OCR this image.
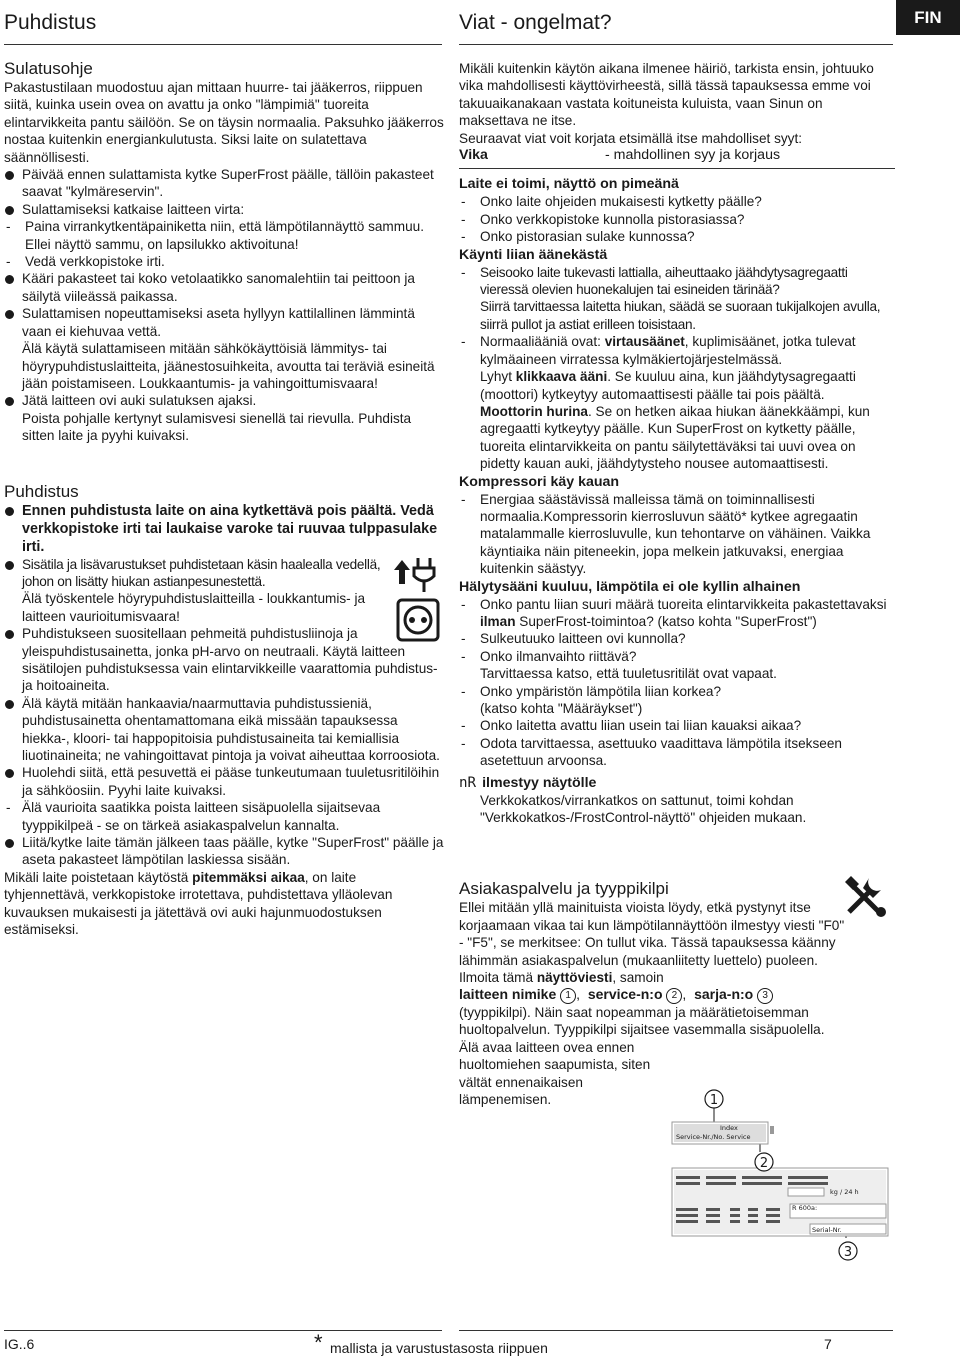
Puhdistus	Viat - ongelmat?	FIN
Sulatusohje

Pakastustilaan muodostuu ajan mittaan huurre- tai jääkerros, riippuen siitä, kuinka usein ovea on avattu ja onko "lämpimiä" tuoreita elintarvikkeita pantu säilöön. Se on täysin normaalia. Paksuhko jääkerros nostaa kuitenkin energiankulutusta. Siksi laite on sulatettava säännöllisesti.

Päivää ennen sulattamista kytke SuperFrost päälle, tällöin pakasteet saavat "kylmäreservin".

Sulattamiseksi katkaise laitteen virta:

- Paina virrankytkentäpainiketta niin, että lämpötilannäyttö sammuu. Ellei näyttö sammu, on lapsilukko aktivoituna!

- Vedä verkkopistoke irti.

Kääri pakasteet tai koko vetolaatikko sanomalehtiin tai peittoon ja säilytä viileässä paikassa.

Sulattamisen nopeuttamiseksi aseta hyllyyn kattilallinen lämmintä vaan ei kiehuvaa vettä.

Älä käytä sulattamiseen mitään sähkökäyttöisiä lämmitys- tai höyrypuhdistuslaitteita, jäänestosuihkeita, avoutta tai teräviä esineitä jään poistamiseen. Loukkaantumis- ja vahingoittumisvaara!

Jätä laitteen ovi auki sulatuksen ajaksi.

Poista pohjalle kertynyt sulamisvesi sienellä tai rievulla. Puhdista sitten laite ja pyyhi kuivaksi.

Puhdistus

Ennen puhdistusta laite on aina kytkettävä pois päältä. Vedä verkkopistoke irti tai laukaise varoke tai ruuvaa tulppasulake irti.

Sisätila ja lisävarustukset puhdistetaan käsin haalealla vedellä, johon on lisätty hiukan astianpesunestettä.

Älä työskentele höyrypuhdistuslaitteilla - loukkantumis- ja laitteen vaurioitumisvaara!

Puhdistukseen suositellaan pehmeitä puhdistusliinoja ja yleispuhdistusainetta, jonka pH-arvo on neutraali. Käytä laitteen sisätilojen puhdistuksessa vain elintarvikkeille vaarattomia puhdistus- ja hoitoaineita.

Älä käytä mitään hankaavia/naarmuttavia puhdistussieniä, puhdistusainetta ohentamattomana eikä missään tapauksessa hiekka-, kloori- tai happopitoisia puhdistusaineita tai kemiallisia liuotinaineita; ne vahingoittavat pintoja ja voivat aiheuttaa korroosiota.

Huolehdi siitä, että pesuvettä ei pääse tunkeutumaan tuuletusritilöihin ja sähköosiin. Pyyhi laite kuivaksi.

- Älä vaurioita saatikka poista laitteen sisäpuolella sijaitsevaa tyyppikilpeä - se on tärkeä asiakaspalvelun kannalta.

Liitä/kytke laite tämän jälkeen taas päälle, kytke "SuperFrost" päälle ja aseta pakasteet lämpötilan laskiessa sisään.

Mikäli laite poistetaan käytöstä pitemmäksi aikaa, on laite tyhjennettävä, verkkopistoke irrotettava, puhdistettava ylläolevan kuvauksen mukaisesti ja jätettävä ovi auki hajunmuodostuksen estämiseksi.

Mikäli kuitenkin käytön aikana ilmenee häiriö, tarkista ensin, johtuuko vika mahdollisesti käyttövirheestä, sillä tässä tapauksessa emme voi takuuaikanakaan vastata koituneista kuluista, vaan Sinun on maksettava ne itse.

Seuraavat viat voit korjata etsimällä itse mahdolliset syyt:

Vika	- mahdollinen syy ja korjaus
Laite ei toimi, näyttö on pimeänä

- Onko laite ohjeiden mukaisesti kytketty päälle?

- Onko verkkopistoke kunnolla pistorasiassa?

- Onko pistorasian sulake kunnossa?

Käynti liian äänekästä

- Seisooko laite tukevasti lattialla, aiheuttaako jäähdytysagregaatti vieressä olevien huonekalujen tai esineiden tärinää?

Siirrä tarvittaessa laitetta hiukan, säädä se suoraan tukijalkojen avulla, siirrä pullot ja astiat erilleen toisistaan.

- Normaaliääniä ovat: virtausäänet, kuplimisäänet, jotka tulevat kylmäaineen virratessa kylmäkiertojärjestelmässä.

Lyhyt klikkaava ääni. Se kuuluu aina, kun jäähdytysagregaatti (moottori) kytkeytyy automaattisesti päälle tai pois päältä.

Moottorin hurina. Se on hetken aikaa hiukan äänekkäämpi, kun agregaatti kytkeytyy päälle. Kun SuperFrost on kytketty päälle, tuoreita elintarvikkeita on pantu säilytettäväksi tai uuvi ovea on pidetty kauan auki, jäähdytysteho nousee automaattisesti.

Kompressori käy kauan

- Energiaa säästävissä malleissa tämä on toiminnallisesti normaalia.Kompressorin kierrosluvun säätö* kytkee agregaatin matalammalle kierrosluvulle, kun tehontarve on vähäinen. Vaikka käyntiaika näin piteneekin, jopa melkein jatkuvaksi, energiaa kuitenkin säästyy.

Hälytysääni kuuluu, lämpötila ei ole kyllin alhainen

- Onko pantu liian suuri määrä tuoreita elintarvikkeita pakastettavaksi ilman SuperFrost-toimintoa? (katso kohta "SuperFrost")

- Sulkeutuuko laitteen ovi kunnolla?

- Onko ilmanvaihto riittävä?

Tarvittaessa katso, että tuuletusritilät ovat vapaat.

- Onko ympäristön lämpötila liian korkea?

(katso kohta "Määräykset")

- Onko laitetta avattu liian usein tai liian kauaksi aikaa?

- Odota tarvittaessa, asettuuko vaadittava lämpötila itsekseen asetettuun arvoonsa.

nR ilmestyy näytölle

Verkkokatkos/virrankatkos on sattunut, toimi kohdan "Verkkokatkos-/FrostControl-näyttö" ohjeiden mukaan.

Asiakaspalvelu ja tyyppikilpi

Ellei mitään yllä mainituista vioista löydy, etkä pystynyt itse korjaamaan vikaa tai kun lämpötilannäyttöön ilmestyy viesti "F0" - "F5", se merkitsee: On tullut vika. Tässä tapauksessa käänny lähimmän asiakaspalvelun (mukaanliitetty luettelo) puoleen. Ilmoita tämä näyttöviesti, samoin

laitteen nimike 1 ,  service-n:o 2 ,  sarja-n:o 3

(tyyppikilpi). Näin saat nopeamman ja määrätietoisemman huoltopalvelun. Tyyppikilpi sijaitsee vasemmalla sisäpuolella.

Älä avaa laitteen ovea ennen huoltomiehen saapumista, siten vältät ennenaikaisen lämpenemisen.

Index
Service-Nr./No. Service
kg / 24 h
R 600a:
Serial-Nr.
1
2
3
IG..6	* mallista ja varustustasosta riippuen	7
